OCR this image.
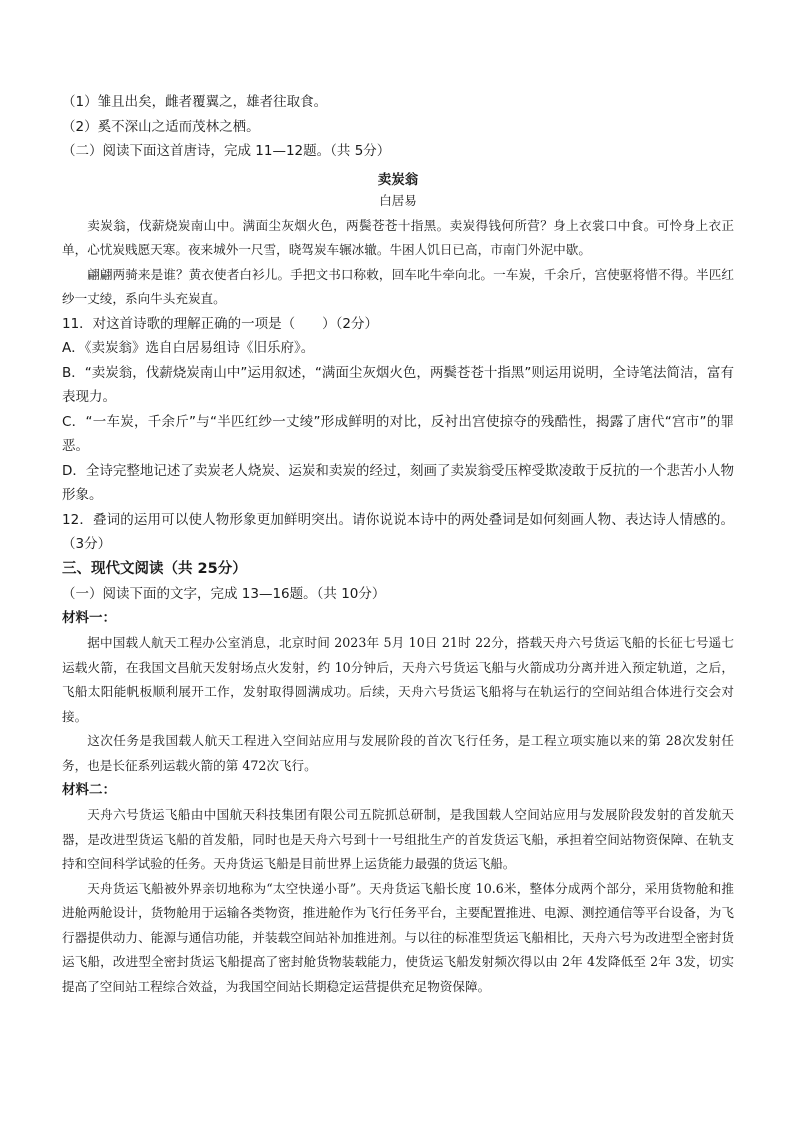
（1）雏且出矣，雌者覆翼之，雄者往取食。
（2）奚不深山之适而茂林之栖。
（二）阅读下面这首唐诗，完成 11—12题。（共 5分）
卖炭翁
白居易
卖炭翁，伐薪烧炭南山中。满面尘灰烟火色，两鬓苍苍十指黑。卖炭得钱何所营？身上衣裳口中食。可怜身上衣正单，心忧炭贱愿天寒。夜来城外一尺雪，晓驾炭车辗冰辙。牛困人饥日已高，市南门外泥中歇。
翩翩两骑来是谁？黄衣使者白衫儿。手把文书口称敕，回车叱牛牵向北。一车炭，千余斤，宫使驱将惜不得。半匹红纱一丈绫，系向牛头充炭直。
11．对这首诗歌的理解正确的一项是（　　）（2分）
A．《卖炭翁》选自白居易组诗《旧乐府》。
B．“卖炭翁，伐薪烧炭南山中”运用叙述，“满面尘灰烟火色，两鬓苍苍十指黑”则运用说明，全诗笔法简洁，富有表现力。
C．“一车炭，千余斤”与“半匹红纱一丈绫”形成鲜明的对比，反衬出宫使掠夺的残酷性，揭露了唐代“宫市”的罪恶。
D．全诗完整地记述了卖炭老人烧炭、运炭和卖炭的经过，刻画了卖炭翁受压榨受欺凌敢于反抗的一个悲苦小人物形象。
12．叠词的运用可以使人物形象更加鲜明突出。请你说说本诗中的两处叠词是如何刻画人物、表达诗人情感的。（3分）
三、现代文阅读（共 25分）
（一）阅读下面的文字，完成 13—16题。（共 10分）
材料一：
据中国载人航天工程办公室消息，北京时间 2023年 5月 10日 21时 22分，搭载天舟六号货运飞船的长征七号遥七运载火箭，在我国文昌航天发射场点火发射，约 10分钟后，天舟六号货运飞船与火箭成功分离并进入预定轨道，之后，飞船太阳能帆板顺利展开工作，发射取得圆满成功。后续，天舟六号货运飞船将与在轨运行的空间站组合体进行交会对接。
这次任务是我国载人航天工程进入空间站应用与发展阶段的首次飞行任务，是工程立项实施以来的第 28次发射任务，也是长征系列运载火箭的第 472次飞行。
材料二：
天舟六号货运飞船由中国航天科技集团有限公司五院抓总研制，是我国载人空间站应用与发展阶段发射的首发航天器，是改进型货运飞船的首发船，同时也是天舟六号到十一号组批生产的首发货运飞船，承担着空间站物资保障、在轨支持和空间科学试验的任务。天舟货运飞船是目前世界上运货能力最强的货运飞船。
天舟货运飞船被外界亲切地称为“太空快递小哥”。天舟货运飞船长度 10.6米，整体分成两个部分，采用货物舱和推进舱两舱设计，货物舱用于运输各类物资，推进舱作为飞行任务平台，主要配置推进、电源、测控通信等平台设备，为飞行器提供动力、能源与通信功能，并装载空间站补加推进剂。与以往的标准型货运飞船相比，天舟六号为改进型全密封货运飞船，改进型全密封货运飞船提高了密封舱货物装载能力，使货运飞船发射频次得以由 2年 4发降低至 2年 3发，切实提高了空间站工程综合效益，为我国空间站长期稳定运营提供充足物资保障。
